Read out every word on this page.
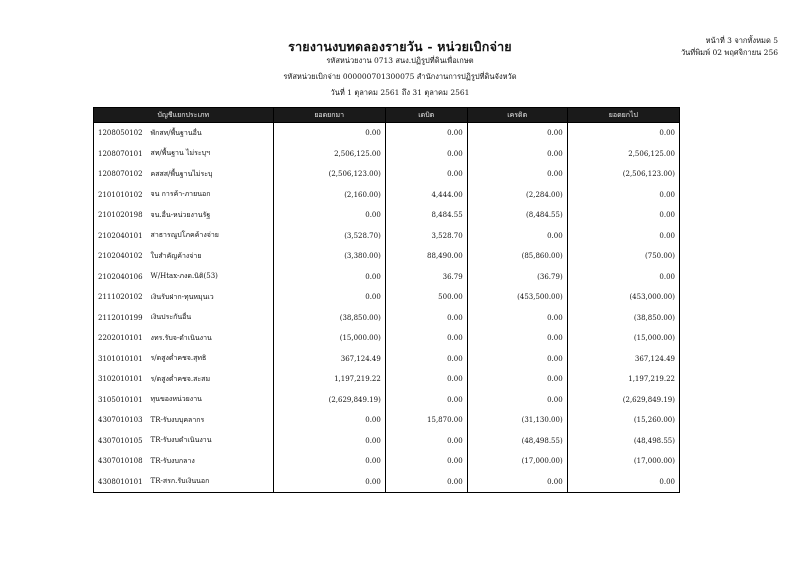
รายงานงบทดลองรายวัน - หน่วยเบิกจ่าย
รหัสหน่วยงาน 0713 สนง.ปฏิรูปที่ดินเพื่อเกษต
รหัสหน่วยเบิกจ่าย 000000701300075 สำนักงานการปฏิรูปที่ดินจังหวัด
วันที่ 1 ตุลาคม 2561 ถึง 31 ตุลาคม 2561
หน้าที่ 3 จากทั้งหมด 5
วันที่พิมพ์ 02 พฤศจิกายน 256
บัญชีแยกประเภท		ยอดยกมา	เดบิต	เครดิต	ยอดยกไป
1208050102	พักสท/พื้นฐานอื่น	0.00	0.00	0.00	0.00
1208070101	สท/พื้นฐาน ไม่ระบุฯ	2,506,125.00	0.00	0.00	2,506,125.00
1208070102	คสสส/พื้นฐานไม่ระบุ	(2,506,123.00)	0.00	0.00	(2,506,123.00)
2101010102	จน การค้า-ภายนอก	(2,160.00)	4,444.00	(2,284.00)	0.00
2101020198	จน.อื่น-หน่วยงานรัฐ	0.00	8,484.55	(8,484.55)	0.00
2102040101	สาธารณูปโภคค้างจ่าย	(3,528.70)	3,528.70	0.00	0.00
2102040102	ใบสำคัญค้างจ่าย	(3,380.00)	88,490.00	(85,860.00)	(750.00)
2102040106	W/Htax-ภงด.นิติ(53)	0.00	36.79	(36.79)	0.00
2111020102	เงินรับฝาก-ทุนหมุนเว	0.00	500.00	(453,500.00)	(453,000.00)
2112010199	เงินประกันอื่น	(38,850.00)	0.00	0.00	(38,850.00)
2202010101	งทร.รับจ-ดำเนินงาน	(15,000.00)	0.00	0.00	(15,000.00)
3101010101	ร/ดสูงต่ำคชจ.สุทธิ	367,124.49	0.00	0.00	367,124.49
3102010101	ร/ดสูงต่ำคชจ.สะสม	1,197,219.22	0.00	0.00	1,197,219.22
3105010101	ทุนของหน่วยงาน	(2,629,849.19)	0.00	0.00	(2,629,849.19)
4307010103	TR-รับงบบุคลากร	0.00	15,870.00	(31,130.00)	(15,260.00)
4307010105	TR-รับงบดำเนินงาน	0.00	0.00	(48,498.55)	(48,498.55)
4307010108	TR-รับงบกลาง	0.00	0.00	(17,000.00)	(17,000.00)
4308010101	TR-สรก.รับเงินนอก	0.00	0.00	0.00	0.00
